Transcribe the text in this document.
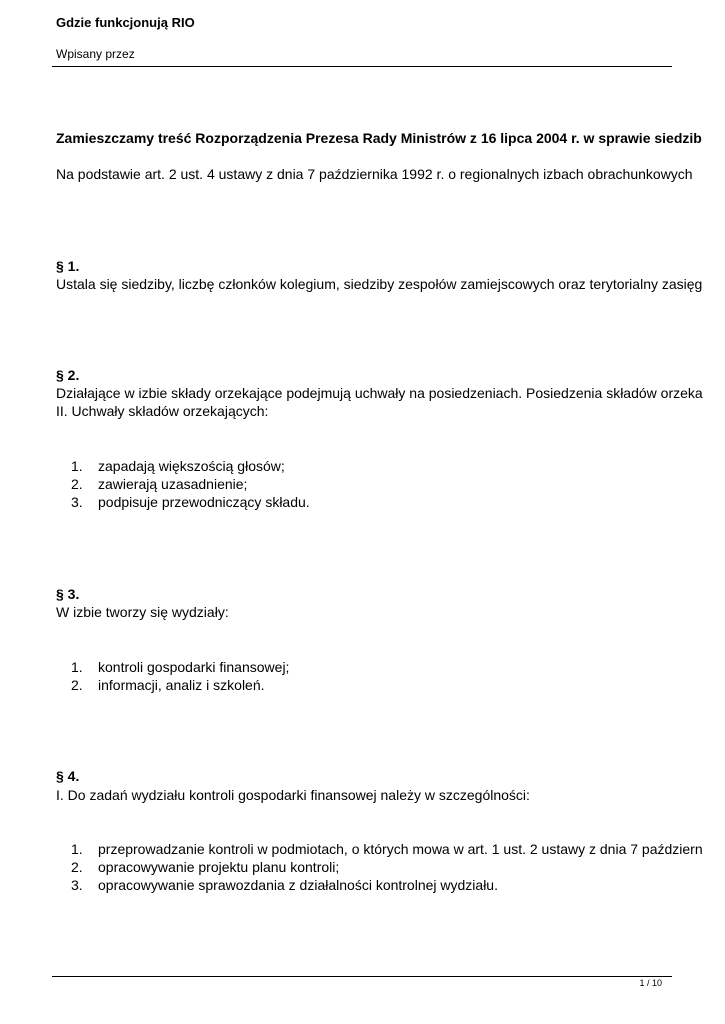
Gdzie funkcjonują RIO
Wpisany przez
Zamieszczamy treść Rozporządzenia Prezesa Rady Ministrów z 16 lipca 2004 r. w sprawie siedzib
Na podstawie art. 2 ust. 4 ustawy z dnia 7 października 1992 r. o regionalnych izbach obrachunkowych
§ 1.
Ustala się siedziby, liczbę członków kolegium, siedziby zespołów zamiejscowych oraz terytorialny zasięg
§ 2.
Działające w izbie składy orzekające podejmują uchwały na posiedzeniach. Posiedzenia składów orzeka
II. Uchwały składów orzekających:
1. zapadają większością głosów;
2. zawierają uzasadnienie;
3. podpisuje przewodniczący składu.
§ 3.
W izbie tworzy się wydziały:
1. kontroli gospodarki finansowej;
2. informacji, analiz i szkoleń.
§ 4.
I. Do zadań wydziału kontroli gospodarki finansowej należy w szczególności:
1. przeprowadzanie kontroli w podmiotach, o których mowa w art. 1 ust. 2 ustawy z dnia 7 październ
2. opracowywanie projektu planu kontroli;
3. opracowywanie sprawozdania z działalności kontrolnej wydziału.
1 / 10
